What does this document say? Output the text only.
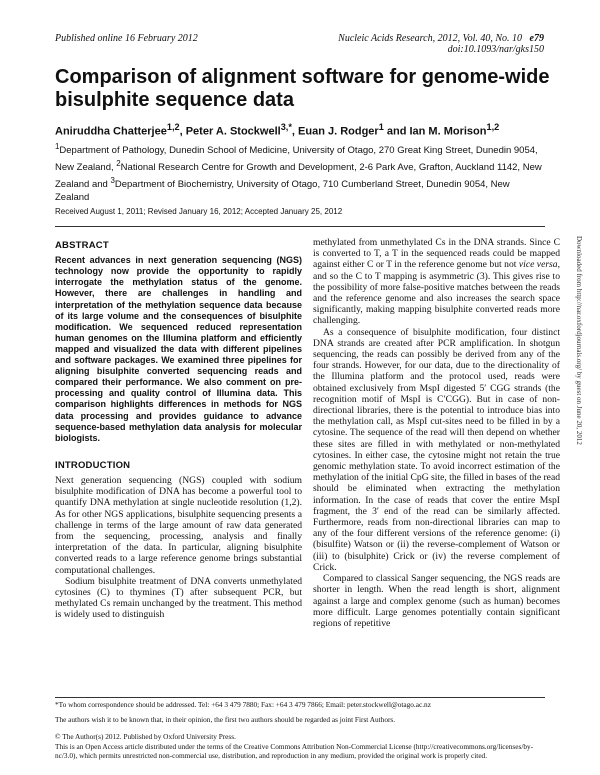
Published online 16 February 2012	Nucleic Acids Research, 2012, Vol. 40, No. 10 e79
doi:10.1093/nar/gks150
Comparison of alignment software for genome-wide bisulphite sequence data
Aniruddha Chatterjee$^{1,2}$, Peter A. Stockwell$^{3,*}$, Euan J. Rodger$^1$ and Ian M. Morison$^{1,2}$
$^1$Department of Pathology, Dunedin School of Medicine, University of Otago, 270 Great King Street, Dunedin 9054, New Zealand, $^2$National Research Centre for Growth and Development, 2-6 Park Ave, Grafton, Auckland 1142, New Zealand and $^3$Department of Biochemistry, University of Otago, 710 Cumberland Street, Dunedin 9054, New Zealand
Received August 1, 2011; Revised January 16, 2012; Accepted January 25, 2012
ABSTRACT

Recent advances in next generation sequencing (NGS) technology now provide the opportunity to rapidly interrogate the methylation status of the genome. However, there are challenges in handling and interpretation of the methylation sequence data because of its large volume and the consequences of bisulphite modification. We sequenced reduced representation human genomes on the Illumina platform and efficiently mapped and visualized the data with different pipelines and software packages. We examined three pipelines for aligning bisulphite converted sequencing reads and compared their performance. We also comment on pre-processing and quality control of Illumina data. This comparison highlights differences in methods for NGS data processing and provides guidance to advance sequence-based methylation data analysis for molecular biologists.

INTRODUCTION

Next generation sequencing (NGS) coupled with sodium bisulphite modification of DNA has become a powerful tool to quantify DNA methylation at single nucleotide resolution (1,2). As for other NGS applications, bisulphite sequencing presents a challenge in terms of the large amount of raw data generated from the sequencing, processing, analysis and finally interpretation of the data. In particular, aligning bisulphite converted reads to a large reference genome brings substantial computational challenges.

Sodium bisulphite treatment of DNA converts unmethylated cytosines (C) to thymines (T) after subsequent PCR, but methylated Cs remain unchanged by the treatment. This method is widely used to distinguish

methylated from unmethylated Cs in the DNA strands. Since C is converted to T, a T in the sequenced reads could be mapped against either C or T in the reference genome but not vice versa, and so the C to T mapping is asymmetric (3). This gives rise to the possibility of more false-positive matches between the reads and the reference genome and also increases the search space significantly, making mapping bisulphite converted reads more challenging.

As a consequence of bisulphite modification, four distinct DNA strands are created after PCR amplification. In shotgun sequencing, the reads can possibly be derived from any of the four strands. However, for our data, due to the directionality of the Illumina platform and the protocol used, reads were obtained exclusively from MspI digested 5′ CGG strands (the recognition motif of MspI is C′CGG). But in case of non-directional libraries, there is the potential to introduce bias into the methylation call, as MspI cut-sites need to be filled in by a cytosine. The sequence of the read will then depend on whether these sites are filled in with methylated or non-methylated cytosines. In either case, the cytosine might not retain the true genomic methylation state. To avoid incorrect estimation of the methylation of the initial CpG site, the filled in bases of the read should be eliminated when extracting the methylation information. In the case of reads that cover the entire MspI fragment, the 3′ end of the read can be similarly affected. Furthermore, reads from non-directional libraries can map to any of the four different versions of the reference genome: (i) (bisulfite) Watson or (ii) the reverse-complement of Watson or (iii) to (bisulphite) Crick or (iv) the reverse complement of Crick.

Compared to classical Sanger sequencing, the NGS reads are shorter in length. When the read length is short, alignment against a large and complex genome (such as human) becomes more difficult. Large genomes potentially contain significant regions of repetitive

Downloaded from http://nar.oxfordjournals.org/ by guest on June 20, 2012
*To whom correspondence should be addressed. Tel: +64 3 479 7880; Fax: +64 3 479 7866; Email: peter.stockwell@otago.ac.nz
The authors wish it to be known that, in their opinion, the first two authors should be regarded as joint First Authors.
© The Author(s) 2012. Published by Oxford University Press.
This is an Open Access article distributed under the terms of the Creative Commons Attribution Non-Commercial License (http://creativecommons.org/licenses/by-nc/3.0), which permits unrestricted non-commercial use, distribution, and reproduction in any medium, provided the original work is properly cited.
